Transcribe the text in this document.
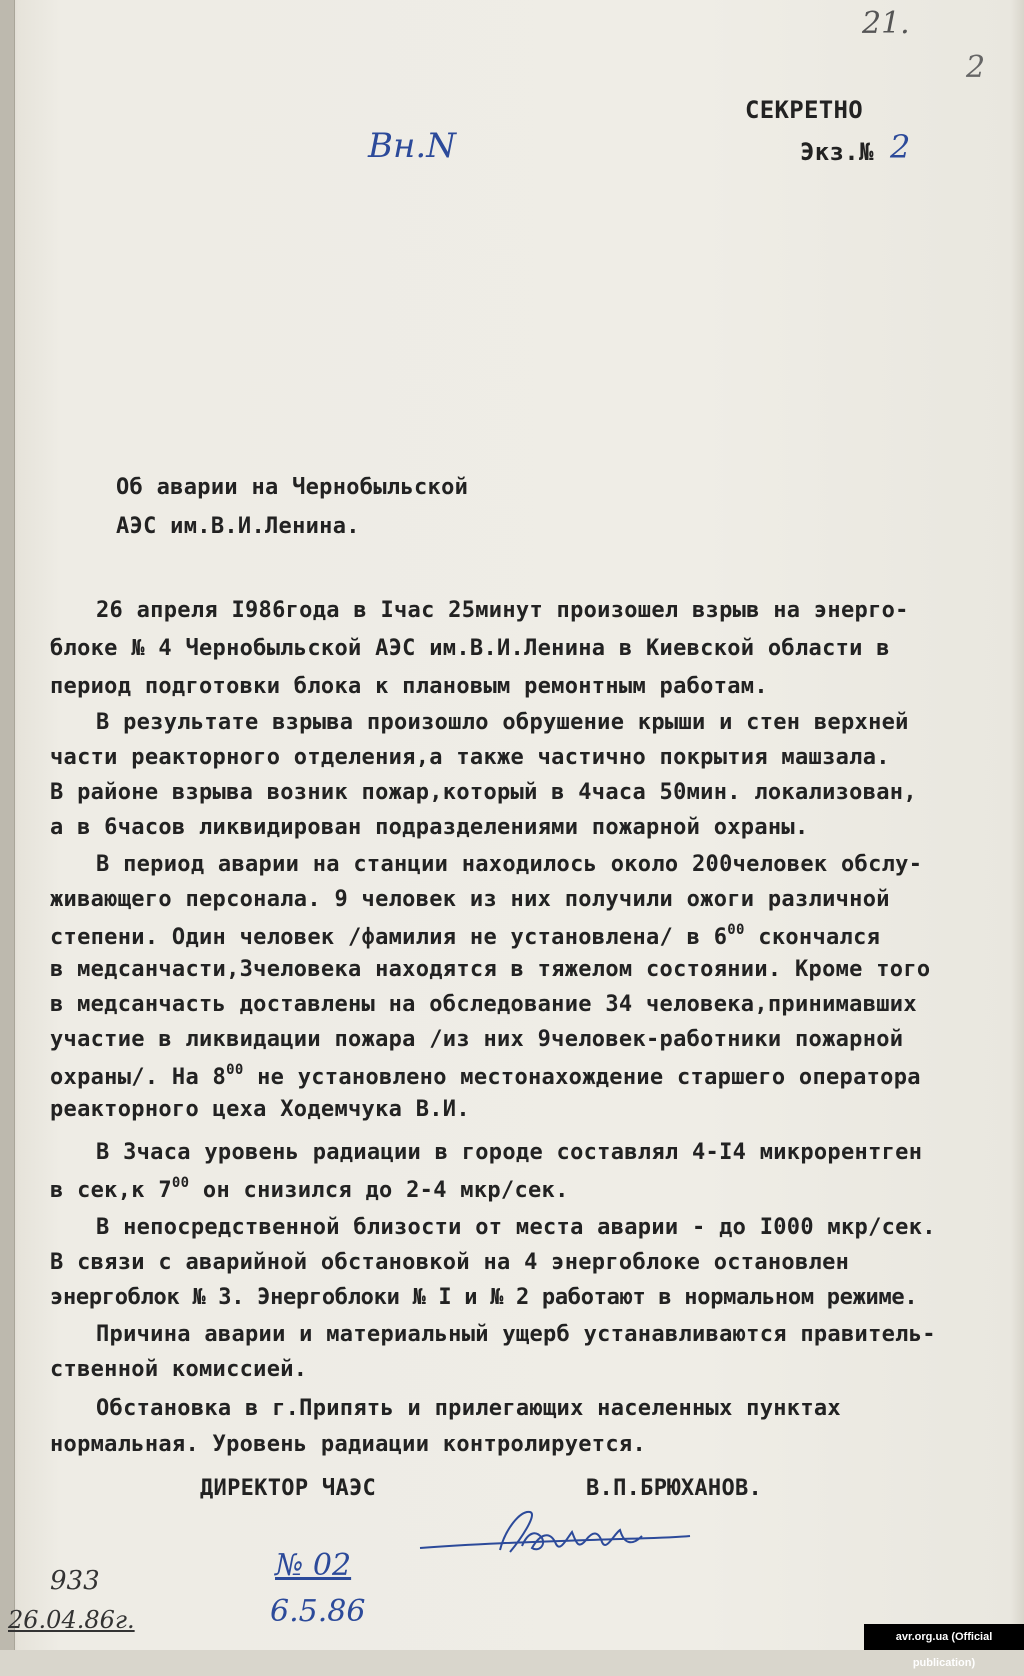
21.
2
Вн.N
СЕКРЕТНО
Экз.№ 2
Об аварии на Чернобыльской
АЭС им.В.И.Ленина.
26 апреля I986года в Iчас 25минут произошел взрыв на энерго-
блоке № 4 Чернобыльской АЭС им.В.И.Ленина в Киевской области в
период подготовки блока к плановым ремонтным работам.
В результате взрыва произошло обрушение крыши и стен верхней
части реакторного отделения,а также частично покрытия машзала.
В районе взрыва возник пожар,который в 4часа 50мин. локализован,
а в 6часов ликвидирован подразделениями пожарной охраны.
В период аварии на станции находилось около 200человек обслу-
живающего персонала. 9 человек из них получили ожоги различной
степени. Один человек /фамилия не установлена/ в $6^{00}$ скончался
в медсанчасти,3человека находятся в тяжелом состоянии. Кроме того
в медсанчасть доставлены на обследование 34 человека,принимавших
участие в ликвидации пожара /из них 9человек-работники пожарной
охраны/. На $8^{00}$ не установлено местонахождение старшего оператора
реакторного цеха Ходемчука В.И.
В 3часа уровень радиации в городе составлял 4-I4 микрорентген
в сек,к $7^{00}$ он снизился до 2-4 мкр/сек.
В непосредственной близости от места аварии - до I000 мкр/сек.
В связи с аварийной обстановкой на 4 энергоблоке остановлен
энергоблок № 3. Энергоблоки № I и № 2 работают в нормальном режиме.
Причина аварии и материальный ущерб устанавливаются правитель-
ственной комиссией.
Обстановка в г.Припять и прилегающих населенных пунктах
нормальная. Уровень радиации контролируется.
ДИРЕКТОР ЧАЭС	В.П.БРЮХАНОВ.
№ 02
6.5.86
933
26.04.86г.
avr.org.ua (Official publication)
